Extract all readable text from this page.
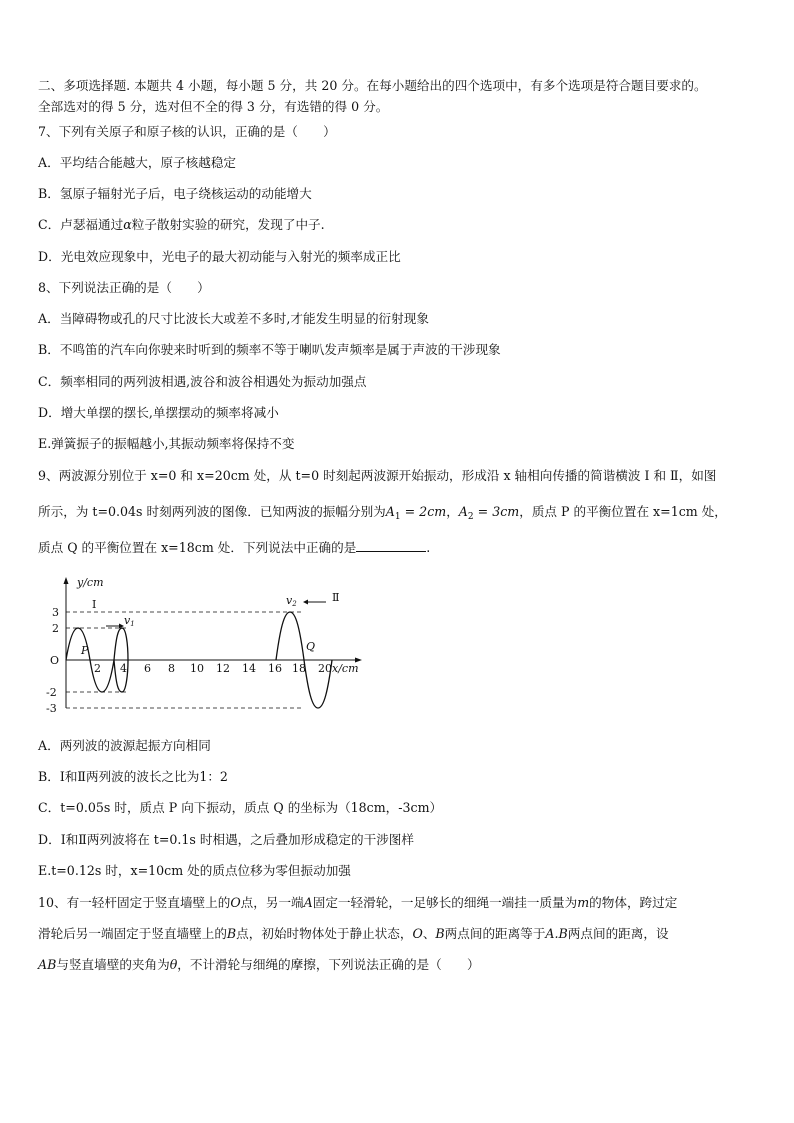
二、多项选择题. 本题共 4 小题，每小题 5 分，共 20 分。在每小题给出的四个选项中，有多个选项是符合题目要求的。
全部选对的得 5 分，选对但不全的得 3 分，有选错的得 0 分。
7、下列有关原子和原子核的认识，正确的是（　　）
A．平均结合能越大，原子核越稳定
B．氢原子辐射光子后，电子绕核运动的动能增大
C．卢瑟福通过α粒子散射实验的研究，发现了中子.
D．光电效应现象中，光电子的最大初动能与入射光的频率成正比
8、下列说法正确的是（　　）
A．当障碍物或孔的尺寸比波长大或差不多时,才能发生明显的衍射现象
B．不鸣笛的汽车向你驶来时听到的频率不等于喇叭发声频率是属于声波的干涉现象
C．频率相同的两列波相遇,波谷和波谷相遇处为振动加强点
D．增大单摆的摆长,单摆摆动的频率将减小
E.弹簧振子的振幅越小,其振动频率将保持不变
9、两波源分别位于 x=0 和 x=20cm 处，从 t=0 时刻起两波源开始振动，形成沿 x 轴相向传播的简谐横波 Ⅰ 和 Ⅱ，如图
所示，为 t=0.04s 时刻两列波的图像．已知两波的振幅分别为$A_1 = 2cm$，$A_2 = 3cm$，质点 P 的平衡位置在 x=1cm 处，
质点 Q 的平衡位置在 x=18cm 处．下列说法中正确的是	.
y/cm
3
2
O
-2
-3
2 4 6 8 10 12 14 16 18 20 x/cm
Ⅰ
v1
Ⅱ
v2
P	Q
A．两列波的波源起振方向相同
B．Ⅰ和Ⅱ两列波的波长之比为1：2
C．t=0.05s 时，质点 P 向下振动，质点 Q 的坐标为（18cm，-3cm）
D．Ⅰ和Ⅱ两列波将在 t=0.1s 时相遇，之后叠加形成稳定的干涉图样
E.t=0.12s 时，x=10cm 处的质点位移为零但振动加强
10、有一轻杆固定于竖直墙壁上的O点，另一端A固定一轻滑轮，一足够长的细绳一端挂一质量为m的物体，跨过定
滑轮后另一端固定于竖直墙壁上的B点，初始时物体处于静止状态，O、B两点间的距离等于A.B两点间的距离，设
AB与竖直墙壁的夹角为θ，不计滑轮与细绳的摩擦，下列说法正确的是（　　）
